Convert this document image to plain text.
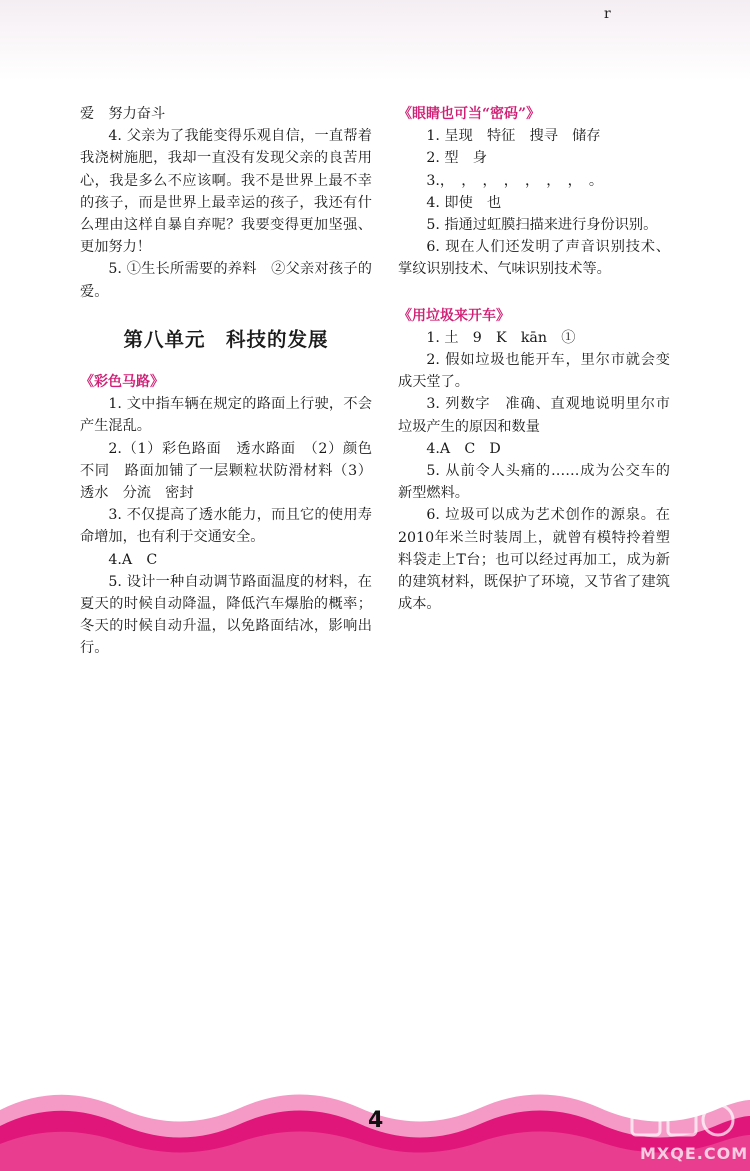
r

爱　努力奋斗

4. 父亲为了我能变得乐观自信，一直帮着我浇树施肥，我却一直没有发现父亲的良苦用心，我是多么不应该啊。我不是世界上最不幸的孩子，而是世界上最幸运的孩子，我还有什么理由这样自暴自弃呢？我要变得更加坚强、更加努力！

5. ①生长所需要的养料　②父亲对孩子的爱。

第八单元　科技的发展

《彩色马路》

1. 文中指车辆在规定的路面上行驶，不会产生混乱。

2.（1）彩色路面　透水路面　（2）颜色不同　路面加铺了一层颗粒状防滑材料（3）透水　分流　密封

3. 不仅提高了透水能力，而且它的使用寿命增加，也有利于交通安全。

4.A　C

5. 设计一种自动调节路面温度的材料，在夏天的时候自动降温，降低汽车爆胎的概率；冬天的时候自动升温，以免路面结冰，影响出行。

《眼睛也可当“密码”》

1. 呈现　特征　搜寻　储存

2. 型　身

3.，　，　，　，　，　，　，　。

4. 即使　也

5. 指通过虹膜扫描来进行身份识别。

6. 现在人们还发明了声音识别技术、掌纹识别技术、气味识别技术等。

《用垃圾来开车》

1. 土　9　K　kān　①

2. 假如垃圾也能开车，里尔市就会变成天堂了。

3. 列数字　准确、直观地说明里尔市垃圾产生的原因和数量

4.A　C　D

5. 从前令人头痛的……成为公交车的新型燃料。

6. 垃圾可以成为艺术创作的源泉。在2010年米兰时装周上，就曾有模特拎着塑料袋走上T台；也可以经过再加工，成为新的建筑材料，既保护了环境，又节省了建筑成本。

4
MXQE.COM
